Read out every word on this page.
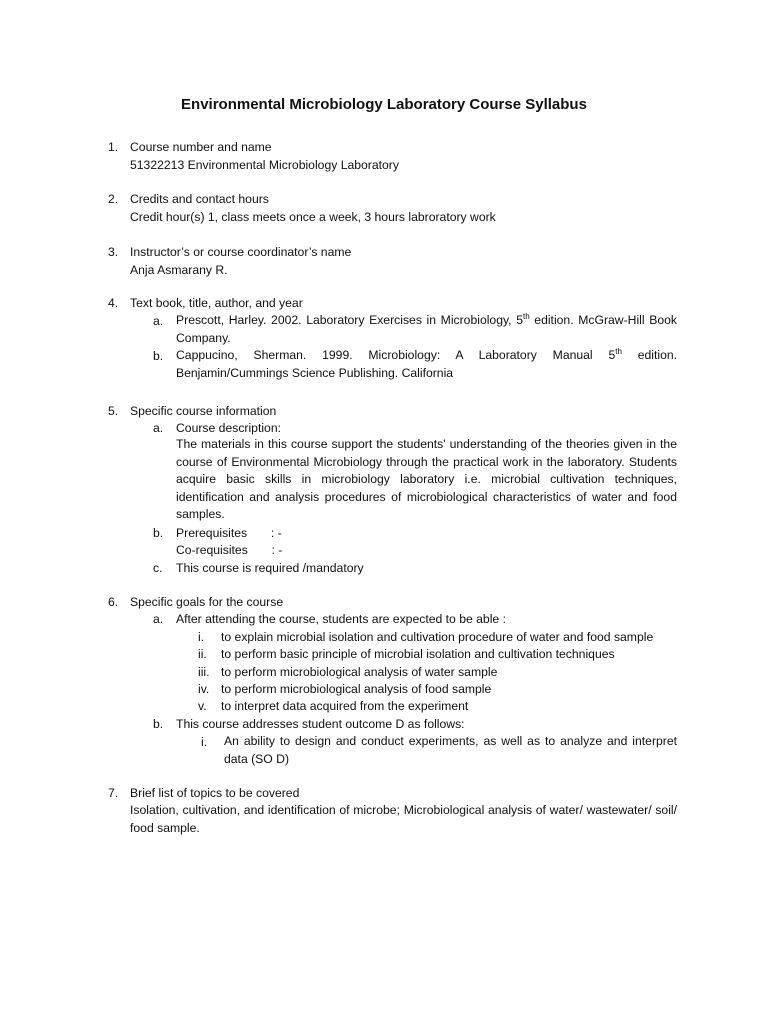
Environmental Microbiology Laboratory Course Syllabus
1. Course number and name
51322213 Environmental Microbiology Laboratory
2. Credits and contact hours
Credit hour(s) 1, class meets once a week, 3 hours labroratory work
3. Instructor’s or course coordinator’s name
Anja Asmarany R.
4. Text book, title, author, and year
a. Prescott, Harley. 2002. Laboratory Exercises in Microbiology, 5th edition. McGraw-Hill Book Company.
b. Cappucino, Sherman. 1999. Microbiology: A Laboratory Manual 5th edition. Benjamin/Cummings Science Publishing. California
5. Specific course information
a. Course description:
The materials in this course support the students' understanding of the theories given in the course of Environmental Microbiology through the practical work in the laboratory. Students acquire basic skills in microbiology laboratory i.e. microbial cultivation techniques, identification and analysis procedures of microbiological characteristics of water and food samples.
b. Prerequisites       : -
Co-requisites       : -
c. This course is required /mandatory
6. Specific goals for the course
a. After attending the course, students are expected to be able :
i. to explain microbial isolation and cultivation procedure of water and food sample
ii. to perform basic principle of microbial isolation and cultivation techniques
iii. to perform microbiological analysis of water sample
iv. to perform microbiological analysis of food sample
v. to interpret data acquired from the experiment
b. This course addresses student outcome D as follows:
i. An ability to design and conduct experiments, as well as to analyze and interpret data (SO D)
7. Brief list of topics to be covered
Isolation, cultivation, and identification of microbe; Microbiological analysis of water/ wastewater/ soil/ food sample.
